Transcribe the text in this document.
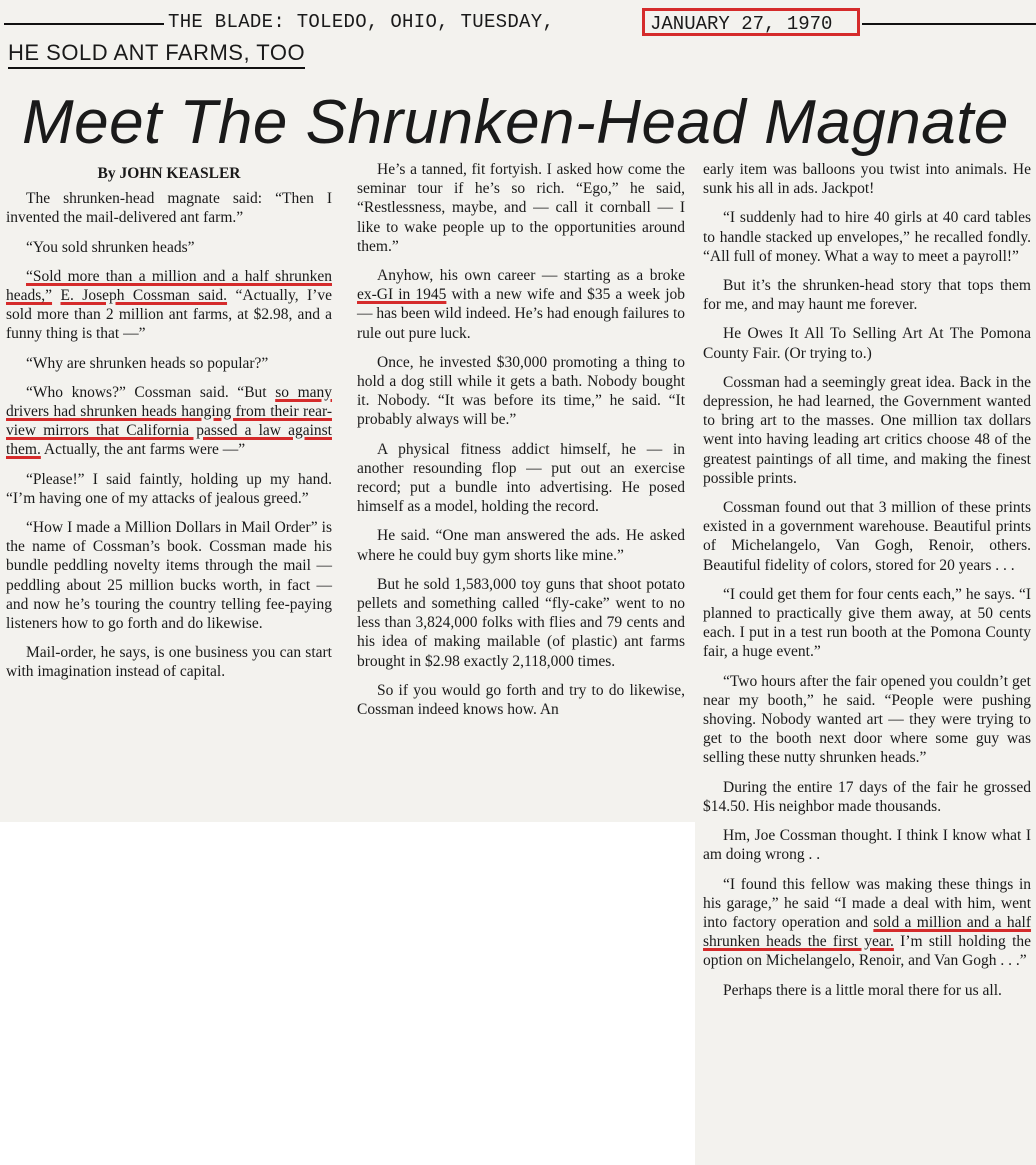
THE BLADE: TOLEDO, OHIO, TUESDAY,	JANUARY 27, 1970
HE SOLD ANT FARMS, TOO
Meet The Shrunken-Head Magnate

By JOHN KEASLER

The shrunken-head magnate said: “Then I invented the mail-delivered ant farm.”

“You sold shrunken heads”

“Sold more than a million and a half shrunken heads,” E. Joseph Cossman said. “Actually, I’ve sold more than 2 million ant farms, at $2.98, and a funny thing is that —”

“Why are shrunken heads so popular?”

“Who knows?” Cossman said. “But so many drivers had shrunken heads hanging from their rear-view mirrors that California passed a law against them. Actually, the ant farms were —”

“Please!” I said faintly, holding up my hand. “I’m having one of my attacks of jealous greed.”

“How I made a Million Dollars in Mail Order” is the name of Cossman’s book. Cossman made his bundle peddling novelty items through the mail — peddling about 25 million bucks worth, in fact — and now he’s touring the country telling fee-paying listeners how to go forth and do likewise.

Mail-order, he says, is one business you can start with imagination instead of capital.

He’s a tanned, fit fortyish. I asked how come the seminar tour if he’s so rich. “Ego,” he said, “Restlessness, maybe, and — call it cornball — I like to wake people up to the opportunities around them.”

Anyhow, his own career — starting as a broke ex-GI in 1945 with a new wife and $35 a week job — has been wild indeed. He’s had enough failures to rule out pure luck.

Once, he invested $30,000 promoting a thing to hold a dog still while it gets a bath. Nobody bought it. Nobody. “It was before its time,” he said. “It probably always will be.”

A physical fitness addict himself, he — in another resounding flop — put out an exercise record; put a bundle into advertising. He posed himself as a model, holding the record.

He said. “One man answered the ads. He asked where he could buy gym shorts like mine.”

But he sold 1,583,000 toy guns that shoot potato pellets and something called “fly-cake” went to no less than 3,824,000 folks with flies and 79 cents and his idea of making mailable (of plastic) ant farms brought in $2.98 exactly 2,118,000 times.

So if you would go forth and try to do likewise, Cossman indeed knows how. An

early item was balloons you twist into animals. He sunk his all in ads. Jackpot!

“I suddenly had to hire 40 girls at 40 card tables to handle stacked up envelopes,” he recalled fondly. “All full of money. What a way to meet a payroll!”

But it’s the shrunken-head story that tops them for me, and may haunt me forever.

He Owes It All To Selling Art At The Pomona County Fair. (Or trying to.)

Cossman had a seemingly great idea. Back in the depression, he had learned, the Government wanted to bring art to the masses. One million tax dollars went into having leading art critics choose 48 of the greatest paintings of all time, and making the finest possible prints.

Cossman found out that 3 million of these prints existed in a government warehouse. Beautiful prints of Michelangelo, Van Gogh, Renoir, others. Beautiful fidelity of colors, stored for 20 years . . .

“I could get them for four cents each,” he says. “I planned to practically give them away, at 50 cents each. I put in a test run booth at the Pomona County fair, a huge event.”

“Two hours after the fair opened you couldn’t get near my booth,” he said. “People were pushing shoving. Nobody wanted art — they were trying to get to the booth next door where some guy was selling these nutty shrunken heads.”

During the entire 17 days of the fair he grossed $14.50. His neighbor made thousands.

Hm, Joe Cossman thought. I think I know what I am doing wrong . .

“I found this fellow was making these things in his garage,” he said “I made a deal with him, went into factory operation and sold a million and a half shrunken heads the first year. I’m still holding the option on Michelangelo, Renoir, and Van Gogh . . .”

Perhaps there is a little moral there for us all.
